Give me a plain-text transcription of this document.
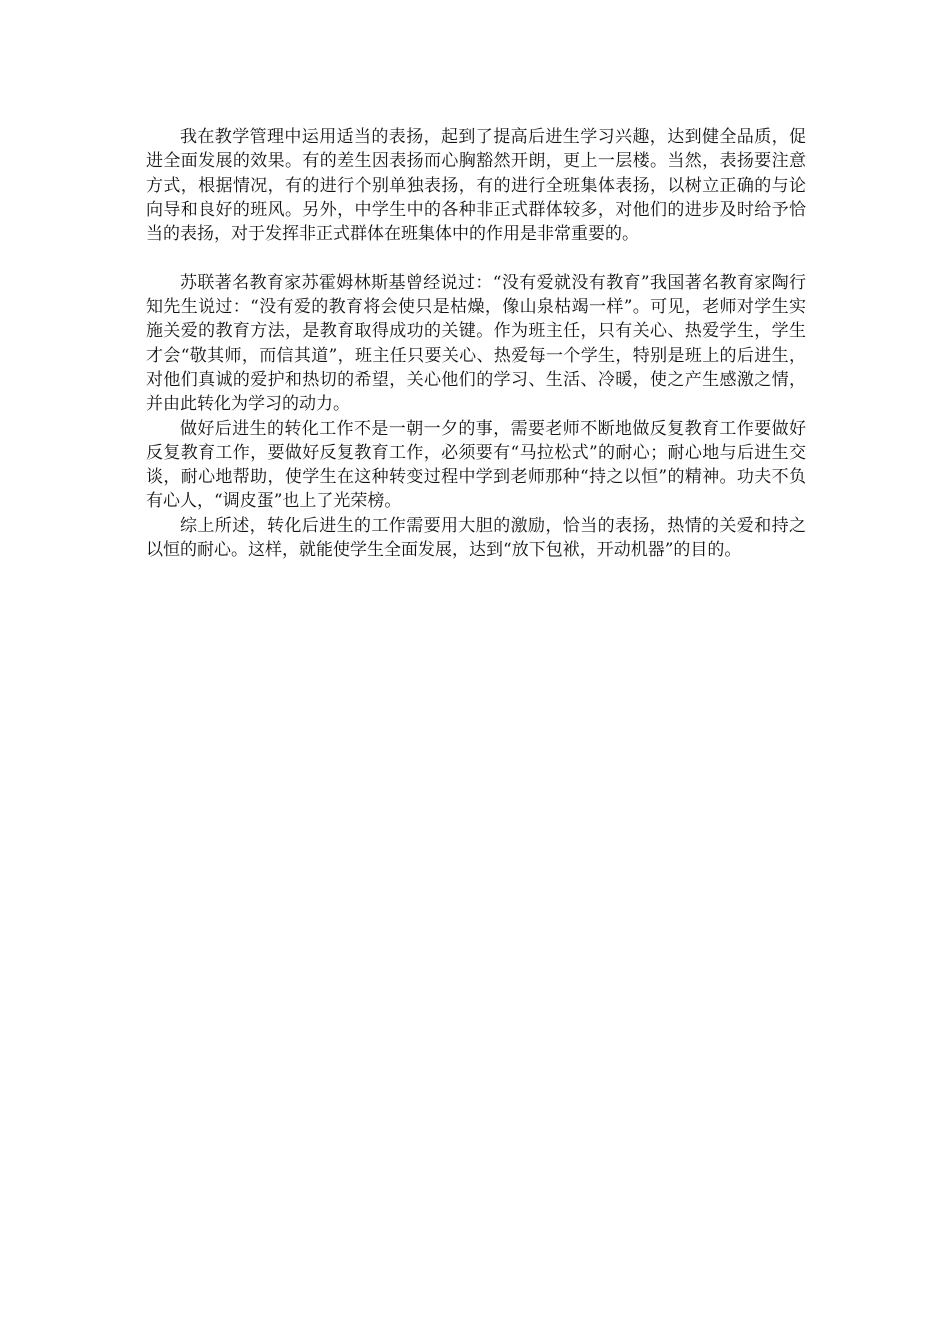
我在教学管理中运用适当的表扬，起到了提高后进生学习兴趣，达到健全品质，促进全面发展的效果。有的差生因表扬而心胸豁然开朗，更上一层楼。当然，表扬要注意方式，根据情况，有的进行个别单独表扬，有的进行全班集体表扬，以树立正确的与论向导和良好的班风。另外，中学生中的各种非正式群体较多，对他们的进步及时给予恰当的表扬，对于发挥非正式群体在班集体中的作用是非常重要的。

苏联著名教育家苏霍姆林斯基曾经说过：“没有爱就没有教育”我国著名教育家陶行知先生说过：“没有爱的教育将会使只是枯燥，像山泉枯竭一样”。可见，老师对学生实施关爱的教育方法，是教育取得成功的关键。作为班主任，只有关心、热爱学生，学生才会“敬其师，而信其道”，班主任只要关心、热爱每一个学生，特别是班上的后进生，对他们真诚的爱护和热切的希望，关心他们的学习、生活、冷暖，使之产生感激之情，并由此转化为学习的动力。

做好后进生的转化工作不是一朝一夕的事，需要老师不断地做反复教育工作要做好反复教育工作，要做好反复教育工作，必须要有“马拉松式”的耐心；耐心地与后进生交谈，耐心地帮助，使学生在这种转变过程中学到老师那种“持之以恒”的精神。功夫不负有心人，“调皮蛋”也上了光荣榜。

综上所述，转化后进生的工作需要用大胆的激励，恰当的表扬，热情的关爱和持之以恒的耐心。这样，就能使学生全面发展，达到“放下包袱，开动机器”的目的。
